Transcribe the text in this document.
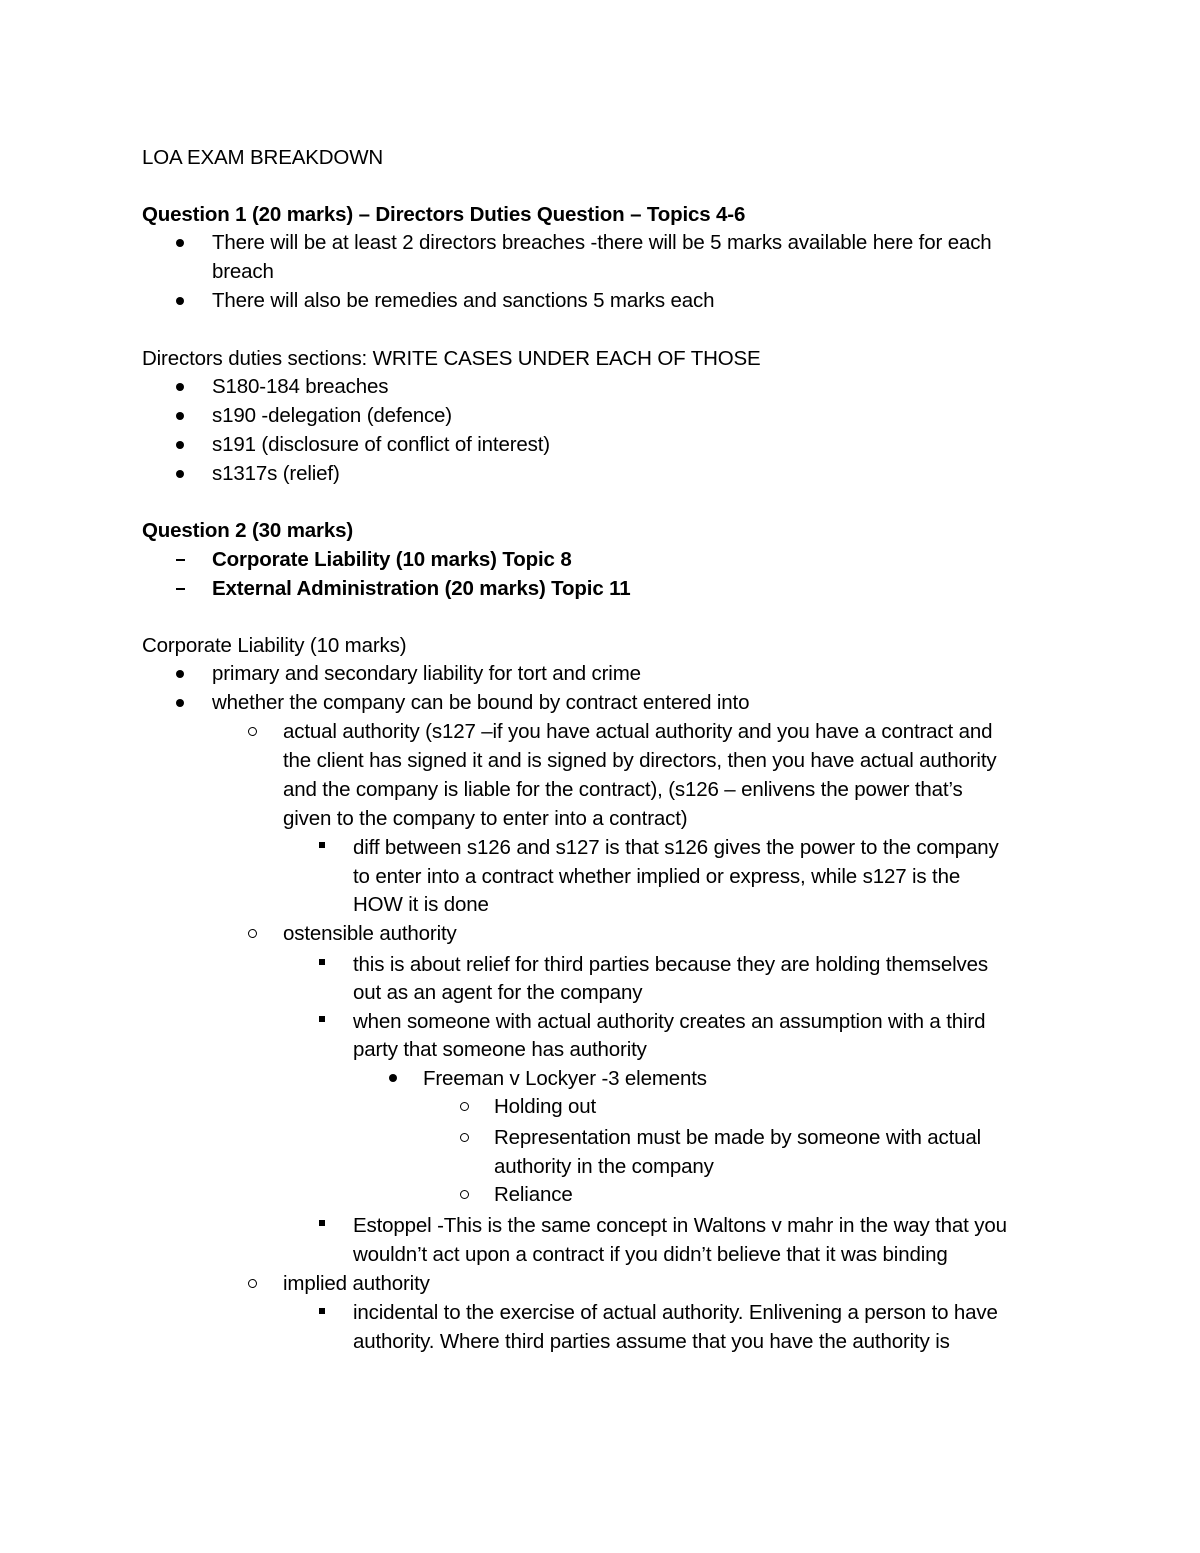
LOA EXAM BREAKDOWN
Question 1 (20 marks) – Directors Duties Question – Topics 4-6
There will be at least 2 directors breaches -there will be 5 marks available here for each
breach
There will also be remedies and sanctions 5 marks each
Directors duties sections: WRITE CASES UNDER EACH OF THOSE
S180-184 breaches
s190 -delegation (defence)
s191 (disclosure of conflict of interest)
s1317s (relief)
Question 2 (30 marks)
Corporate Liability (10 marks) Topic 8
External Administration (20 marks) Topic 11
Corporate Liability (10 marks)
primary and secondary liability for tort and crime
whether the company can be bound by contract entered into
actual authority (s127 –if you have actual authority and you have a contract and
the client has signed it and is signed by directors, then you have actual authority
and the company is liable for the contract), (s126 – enlivens the power that’s
given to the company to enter into a contract)
diff between s126 and s127 is that s126 gives the power to the company
to enter into a contract whether implied or express, while s127 is the
HOW it is done
ostensible authority
this is about relief for third parties because they are holding themselves
out as an agent for the company
when someone with actual authority creates an assumption with a third
party that someone has authority
Freeman v Lockyer -3 elements
Holding out
Representation must be made by someone with actual
authority in the company
Reliance
Estoppel -This is the same concept in Waltons v mahr in the way that you
wouldn’t act upon a contract if you didn’t believe that it was binding
implied authority
incidental to the exercise of actual authority. Enlivening a person to have
authority. Where third parties assume that you have the authority is
